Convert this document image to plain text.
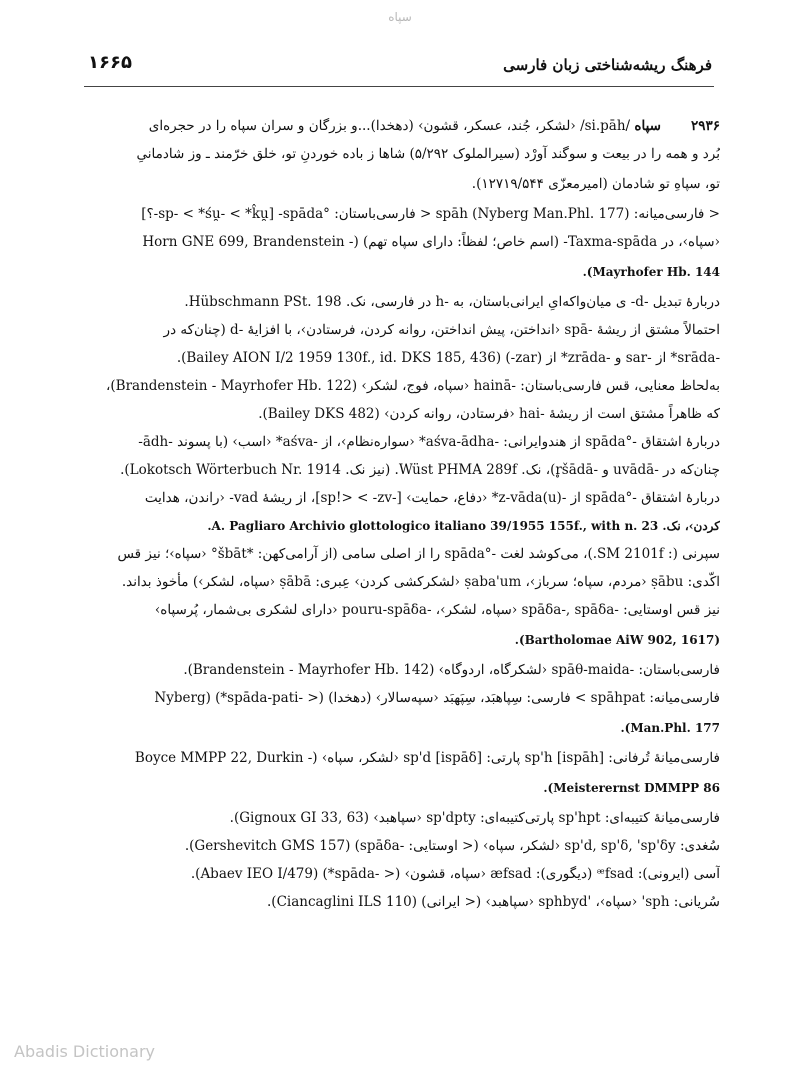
سپاه
۱۶۶۵	فرهنگ ریشه‌شناختی زبان فارسی
۲۹۳۶
سپاه

/si.pāh/

‹لشکر، جُند، عسکر، قشون› (دهخدا)...و بزرگان و سران سپاه را در حجره‌ای
بُرد و همه را در بیعت و سوگند آورْد (سیرالملوک ۵/۲۹۲) شاها ز باده خوردنِ تو، خلق خرّمند ـ وز شادمانیِ
تو، سپاهِ تو شادمان (امیرمعزّی ۱۲۷۱۹/۵۴۴).
< فارسی‌میانه: spāh (Nyberg Man.Phl. 177) < فارسی‌باستان: °spāda- [sp- < *śu̯- < *k̂u̯-؟]
‹سپاه›، در Taxma-spāda- (اسم خاص؛ لفظاً: دارای سپاه تهم) (- Horn GNE 699, Brandenstein
Mayrhofer Hb. 144).
دربارهٔ تبدیل -d- ی میان‌واکه‌ایِ ایرانی‌باستان، به -h در فارسی، نک. Hübschmann PSt. 198.
احتمالاً مشتق از ریشهٔ -spā ‹انداختن، پیش انداختن، روانه کردن، فرستادن›، با افزایهٔ -d (چنان‌که در
-srāda* از -sar و -zrāda* از (zar-) (Bailey AION I/2 1959 130f., id. DKS 185, 436).
به‌لحاظ معنایی، قس فارسی‌باستان: -hainā ‹سپاه، فوج، لشکر› (Brandenstein - Mayrhofer Hb. 122)،
که ظاهراً مشتق است از ریشهٔ -hai ‹فرستادن، روانه کردن› (Bailey DKS 482).
دربارهٔ اشتقاق -°spāda از هندوایرانی: -aśva-ādha* ‹سواره‌نظام›، از -aśva* ‹اسب› (با پسوند -ādh-
چنان‌که در -uvādā و -r̥šādā)، نک. Wüst PHMA 289f. (نیز نک. Lokotsch Wörterbuch Nr. 1914).
دربارهٔ اشتقاق -°spāda از -(u)z-vāda* ‹دفاع، حمایت› [-sp!> < -zv]، از ریشهٔ vad- ‹راندن، هدایت
کردن›، نک. A. Pagliaro Archivio glottologico italiano 39/1955 155f., with n. 23.
سپرنی (: SM 2101f.)، می‌کوشد لغت -°spāda را از اصلی سامی (از آرامی‌کهن: *šbāt° ‹سپاه›؛ نیز قس
اکّدی: ṣābu ‹مردم، سپاه؛ سرباز›، ṣaba'um ‹لشکرکشی کردن› عِبری: ṣābā ‹سپاه، لشکر›) مأخوذ بداند.
نیز قس اوستایی: -spāδa-, spāδa ‹سپاه، لشکر›، -pouru-spāδa ‹دارای لشکری بی‌شمار، پُرسپاه›
(Bartholomae AiW 902, 1617).
فارسی‌باستان: -spāθ-maida ‹لشکرگاه، اردوگاه› (Brandenstein - Mayrhofer Hb. 142).
فارسی‌میانه: spāhpat > فارسی: سِپاهبَد، سِپَهبَد ‹سپه‌سالار› (دهخدا) (< -spāda-pati*) (Nyberg
Man.Phl. 177).
فارسی‌میانهٔ تُرفانی: sp'h [ispāh] پارتی: sp'd [ispāδ] ‹لشکر، سپاه› (- Boyce MMPP 22, Durkin
Meisterernst DMMPP 86).
فارسی‌میانهٔ کتیبه‌ای: sp'hpt پارتی‌کتیبه‌ای: sp'dpty ‹سپاهبد› (Gignoux GI 33, 63).
سُغدی: sp'd, sp'δ, 'sp'δy ‹لشکر، سپاه› (< اوستایی: -spāδa) (Gershevitch GMS 157).
آسی (ایرونی): ᵆfsad (دیگوری): æfsad ‹سپاه، قشون› (< -spāda*) (Abaev IEO I/479).
سُریانی: sph' ‹سپاه›، 'sphbyd ‹سپاهبد› (< ایرانی) (Ciancaglini ILS 110).
Abadis Dictionary
